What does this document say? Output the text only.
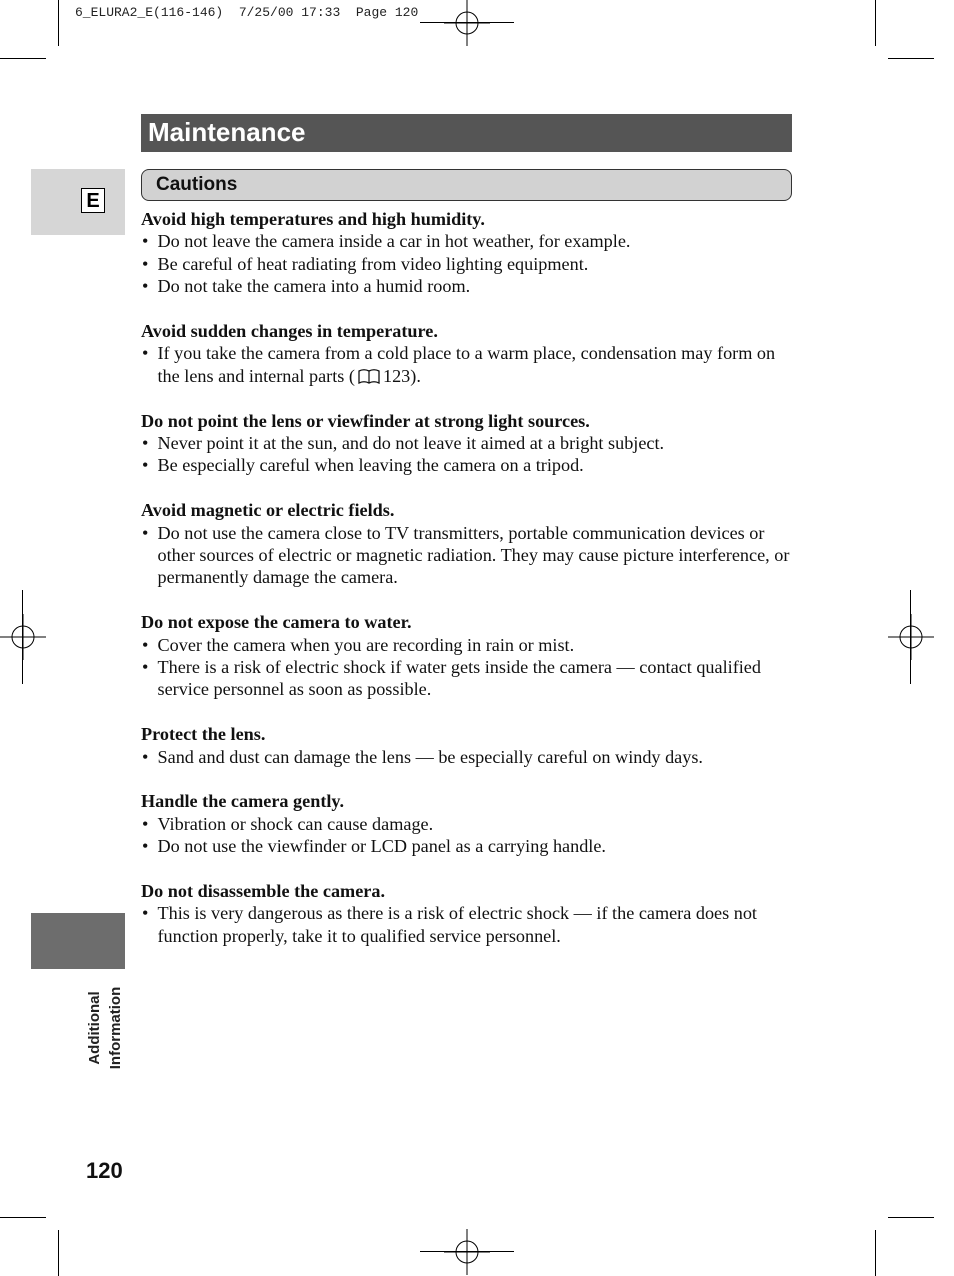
6_ELURA2_E(116-146)  7/25/00 17:33  Page 120
E
Additional Information
Maintenance
Cautions
Avoid high temperatures and high humidity.
• Do not leave the camera inside a car in hot weather, for example.
• Be careful of heat radiating from video lighting equipment.
• Do not take the camera into a humid room.
Avoid sudden changes in temperature.
• If you take the camera from a cold place to a warm place, condensation may form on the lens and internal parts ( 123).
Do not point the lens or viewfinder at strong light sources.
• Never point it at the sun, and do not leave it aimed at a bright subject.
• Be especially careful when leaving the camera on a tripod.
Avoid magnetic or electric fields.
• Do not use the camera close to TV transmitters, portable communication devices or other sources of electric or magnetic radiation. They may cause picture interference, or permanently damage the camera.
Do not expose the camera to water.
• Cover the camera when you are recording in rain or mist.
• There is a risk of electric shock if water gets inside the camera — contact qualified service personnel as soon as possible.
Protect the lens.
• Sand and dust can damage the lens — be especially careful on windy days.
Handle the camera gently.
• Vibration or shock can cause damage.
• Do not use the viewfinder or LCD panel as a carrying handle.
Do not disassemble the camera.
• This is very dangerous as there is a risk of electric shock — if the camera does not function properly, take it to qualified service personnel.
120
